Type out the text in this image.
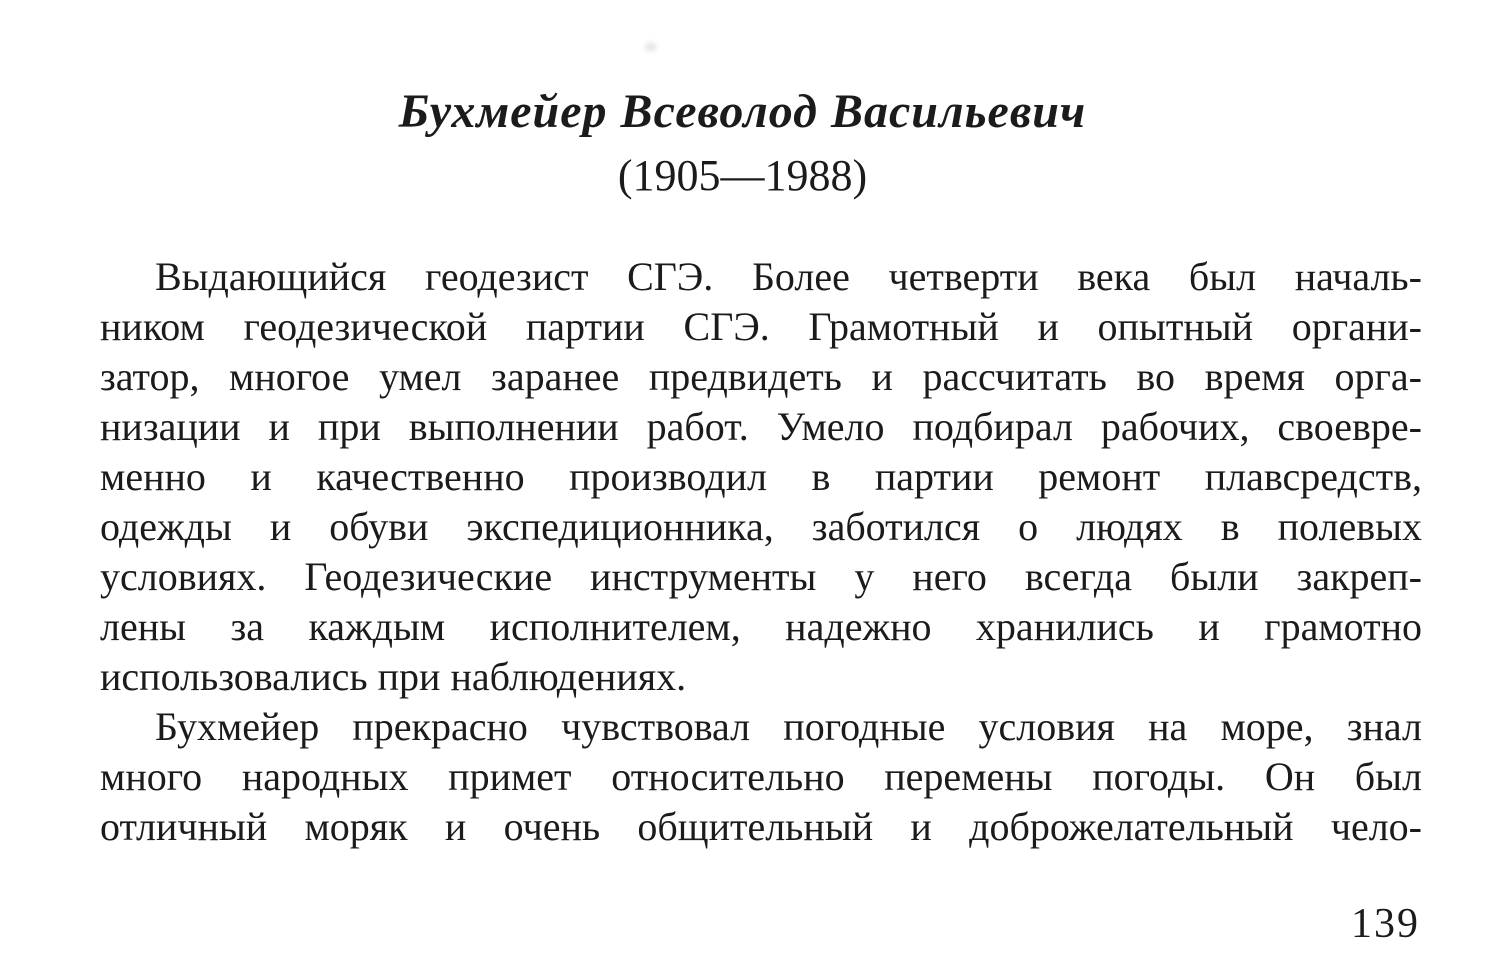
Бухмейер Всеволод Васильевич
(1905—1988)
Выдающийся геодезист СГЭ. Более четверти века был началь-
ником геодезической партии СГЭ. Грамотный и опытный органи-
затор, многое умел заранее предвидеть и рассчитать во время орга-
низации и при выполнении работ. Умело подбирал рабочих, своевре-
менно и качественно производил в партии ремонт плавсредств,
одежды и обуви экспедиционника, заботился о людях в полевых
условиях. Геодезические инструменты у него всегда были закреп-
лены за каждым исполнителем, надежно хранились и грамотно
использовались при наблюдениях.
Бухмейер прекрасно чувствовал погодные условия на море, знал
много народных примет относительно перемены погоды. Он был
отличный моряк и очень общительный и доброжелательный чело-
139
